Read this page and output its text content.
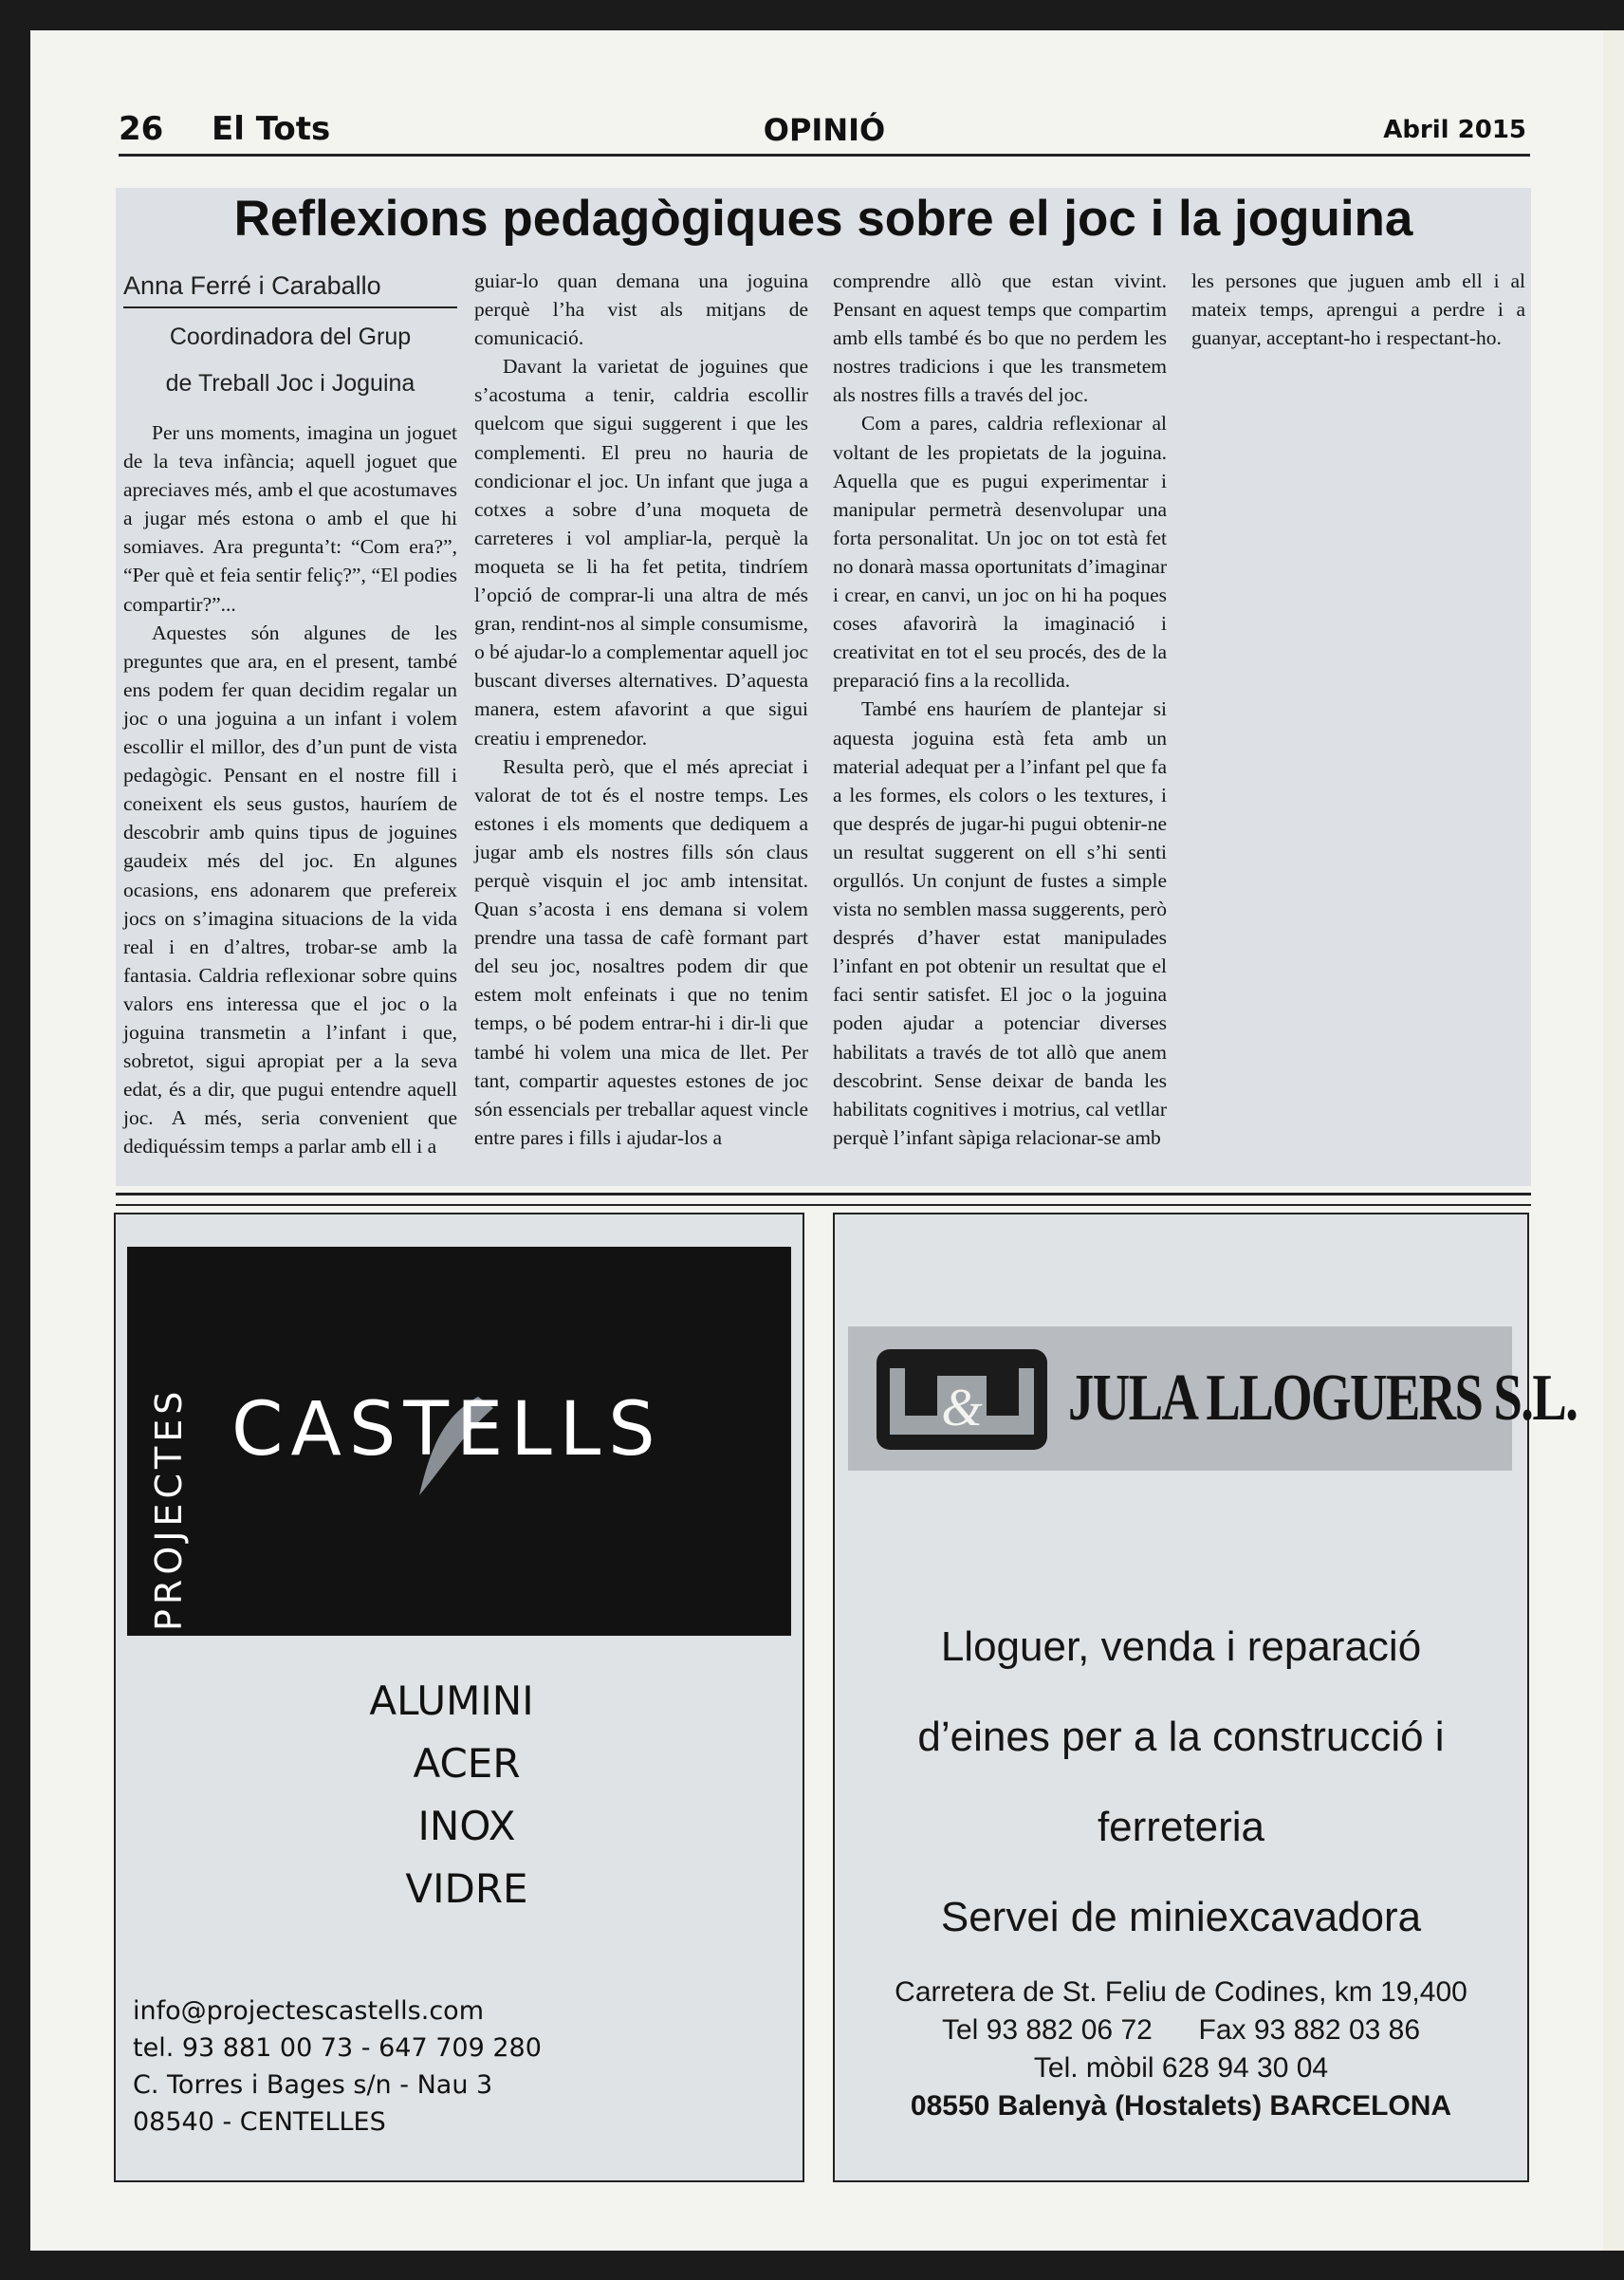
26 El Tots	OPINIÓ	Abril 2015
Reflexions pedagògiques sobre el joc i la joguina
Anna Ferré i Caraballo
Coordinadora del Grup
de Treball Joc i Joguina

Per uns moments, imagina un joguet de la teva infància; aquell joguet que apreciaves més, amb el que acostumaves a jugar més estona o amb el que hi somiaves. Ara pregunta’t: “Com era?”, “Per què et feia sentir feliç?”, “El podies compartir?”...

Aquestes són algunes de les preguntes que ara, en el present, també ens podem fer quan decidim regalar un joc o una joguina a un infant i volem escollir el millor, des d’un punt de vista pedagògic. Pensant en el nostre fill i coneixent els seus gustos, hauríem de descobrir amb quins tipus de joguines gaudeix més del joc. En algunes ocasions, ens adonarem que prefereix jocs on s’imagina situacions de la vida real i en d’altres, trobar-se amb la fantasia. Caldria reflexionar sobre quins valors ens interessa que el joc o la joguina transmetin a l’infant i que, sobretot, sigui apropiat per a la seva edat, és a dir, que pugui entendre aquell joc. A més, seria convenient que dediquéssim temps a parlar amb ell i a

guiar-lo quan demana una joguina perquè l’ha vist als mitjans de comunicació.

Davant la varietat de joguines que s’acostuma a tenir, caldria escollir quelcom que sigui suggerent i que les complementi. El preu no hauria de condicionar el joc. Un infant que juga a cotxes a sobre d’una moqueta de carreteres i vol ampliar-la, perquè la moqueta se li ha fet petita, tindríem l’opció de comprar-li una altra de més gran, rendint-nos al simple consumisme, o bé ajudar-lo a complementar aquell joc buscant diverses alternatives. D’aquesta manera, estem afavorint a que sigui creatiu i emprenedor.

Resulta però, que el més apreciat i valorat de tot és el nostre temps. Les estones i els moments que dediquem a jugar amb els nostres fills són claus perquè visquin el joc amb intensitat. Quan s’acosta i ens demana si volem prendre una tassa de cafè formant part del seu joc, nosaltres podem dir que estem molt enfeinats i que no tenim temps, o bé podem entrar-hi i dir-li que també hi volem una mica de llet. Per tant, compartir aquestes estones de joc són essencials per treballar aquest vincle entre pares i fills i ajudar-los a

comprendre allò que estan vivint. Pensant en aquest temps que compartim amb ells també és bo que no perdem les nostres tradicions i que les transmetem als nostres fills a través del joc.

Com a pares, caldria reflexionar al voltant de les propietats de la joguina. Aquella que es pugui experimentar i manipular permetrà desenvolupar una forta personalitat. Un joc on tot està fet no donarà massa oportunitats d’imaginar i crear, en canvi, un joc on hi ha poques coses afavorirà la imaginació i creativitat en tot el seu procés, des de la preparació fins a la recollida.

També ens hauríem de plantejar si aquesta joguina està feta amb un material adequat per a l’infant pel que fa a les formes, els colors o les textures, i que després de jugar-hi pugui obtenir-ne un resultat suggerent on ell s’hi senti orgullós. Un conjunt de fustes a simple vista no semblen massa suggerents, però després d’haver estat manipulades l’infant en pot obtenir un resultat que el faci sentir satisfet. El joc o la joguina poden ajudar a potenciar diverses habilitats a través de tot allò que anem descobrint. Sense deixar de banda les habilitats cognitives i motrius, cal vetllar perquè l’infant sàpiga relacionar-se amb

les persones que juguen amb ell i al mateix temps, aprengui a perdre i a guanyar, acceptant-ho i respectant-ho.

PROJECTES CASTELLS
ALUMINI
ACER
INOX
VIDRE
info@projectescastells.com
tel. 93 881 00 73 - 647 709 280
C. Torres i Bages s/n - Nau 3
08540 - CENTELLES
& JULA LLOGUERS S.L.
Lloguer, venda i reparació
d’eines per a la construcció i
ferreteria
Servei de miniexcavadora
Carretera de St. Feliu de Codines, km 19,400
Tel 93 882 06 72 Fax 93 882 03 86
Tel. mòbil 628 94 30 04
08550 Balenyà (Hostalets) BARCELONA
